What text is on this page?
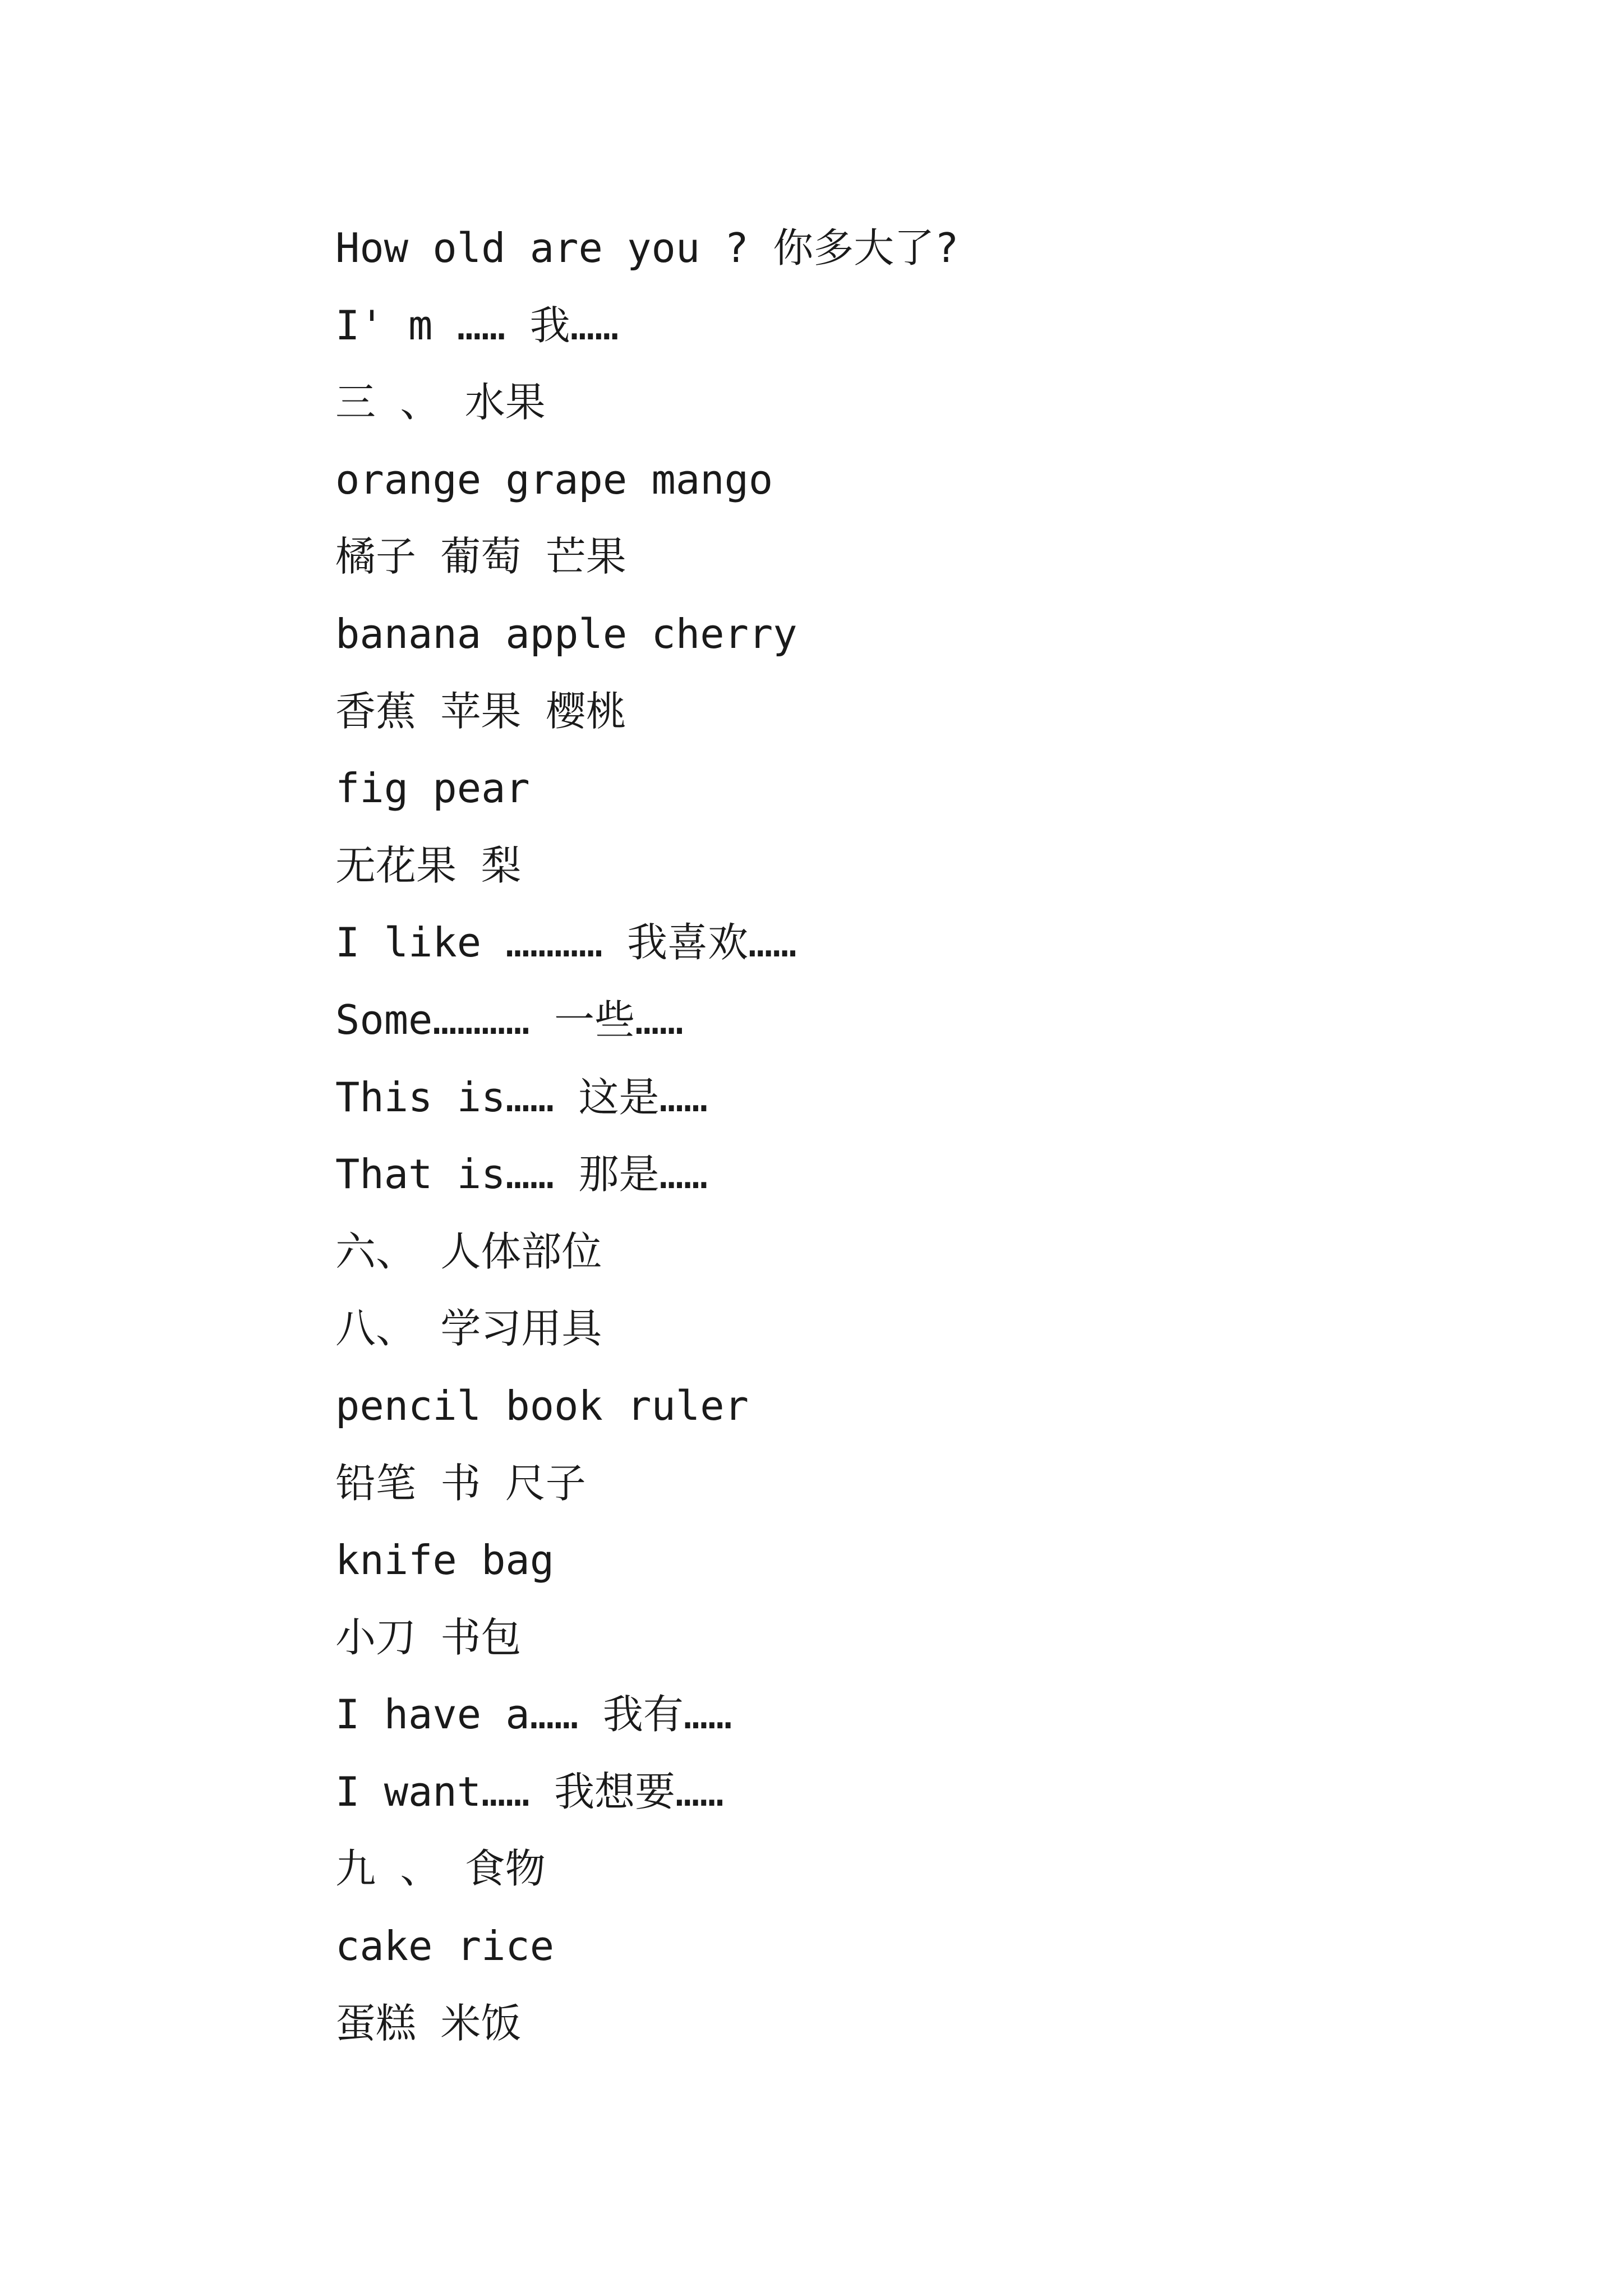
How old are you ? 你多大了?
I' m …… 我……
三 、 水果
orange grape mango
橘子 葡萄 芒果
banana apple cherry
香蕉 苹果 樱桃
fig pear
无花果 梨
I like ………… 我喜欢……
Some………… 一些……
This is…… 这是……
That is…… 那是……
六、 人体部位
八、 学习用具
pencil book ruler
铅笔 书 尺子
knife bag
小刀 书包
I have a…… 我有……
I want…… 我想要……
九 、 食物
cake rice
蛋糕 米饭
